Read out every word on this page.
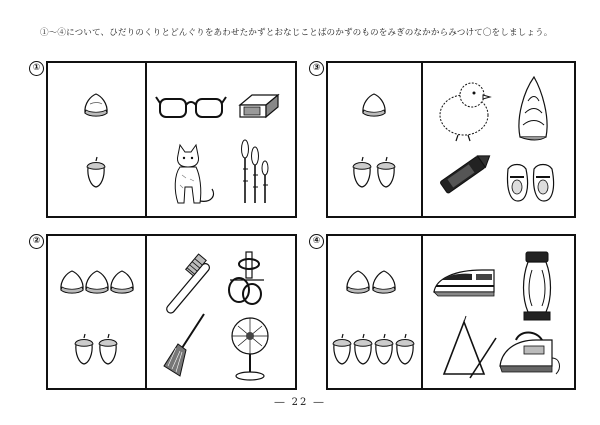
①～④について、ひだりのくりとどんぐりをあわせたかずとおなじことばのかずのものをみぎのなかからみつけて〇をしましょう。
①	③
②	④
― 22 ―
